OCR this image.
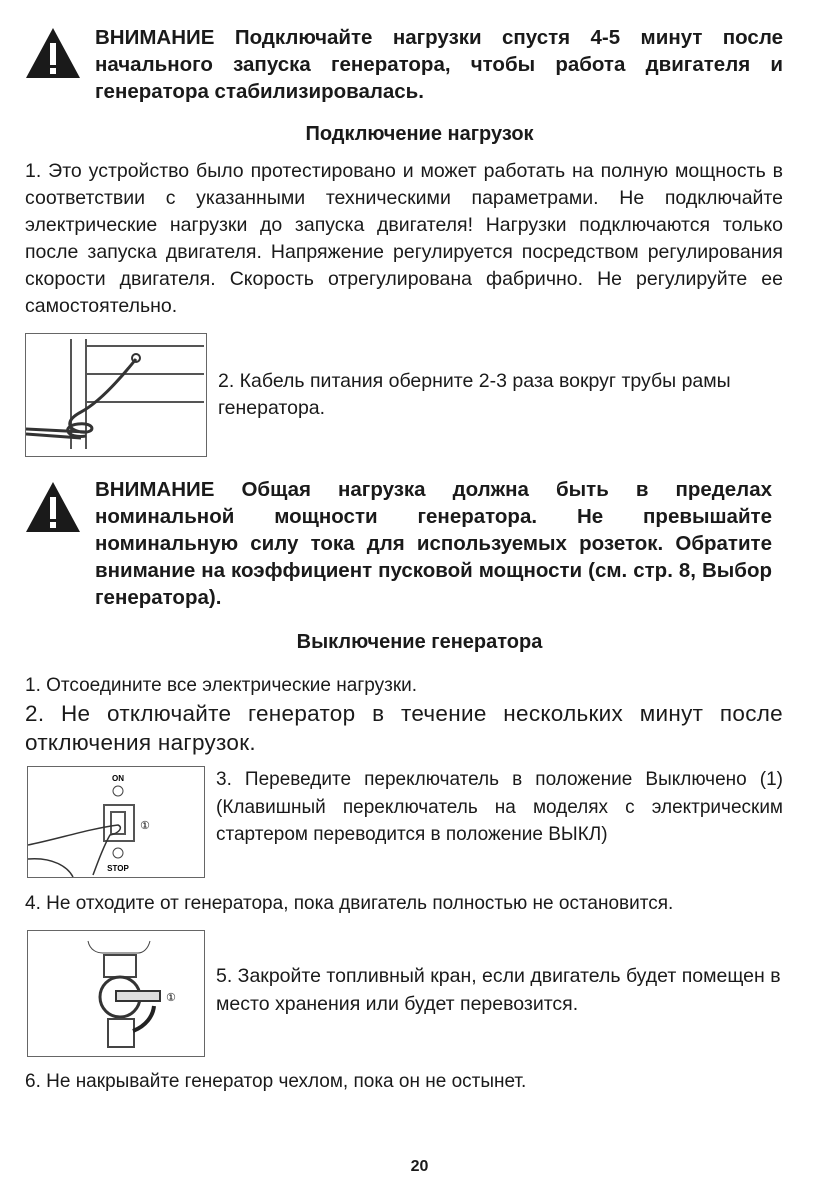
ВНИМАНИЕ Подключайте нагрузки спустя 4-5 минут после начального запуска генератора, чтобы работа двигателя и генератора стабилизировалась.
Подключение нагрузок
1. Это устройство было протестировано и может работать на полную мощность в соответствии с указанными техническими параметрами. Не подключайте электрические нагрузки до запуска двигателя! Нагрузки подключаются только после запуска двигателя. Напряжение регулируется посредством регулирования скорости двигателя. Скорость отрегулирована фабрично. Не регулируйте ее самостоятельно.
2. Кабель питания оберните 2-3 раза вокруг трубы рамы генератора.
ВНИМАНИЕ Общая нагрузка должна быть в пределах номинальной мощности генератора. Не превышайте номинальную силу тока для используемых розеток. Обратите внимание на коэффициент пусковой мощности (см. стр. 8, Выбор генератора).
Выключение генератора
1. Отсоедините все электрические нагрузки.
2. Не отключайте генератор в течение нескольких минут после отключения нагрузок.
ON
①
STOP
3. Переведите переключатель в положение Выключено (1) (Клавишный переключатель на моделях с электрическим стартером переводится в положение ВЫКЛ)
4. Не отходите от генератора, пока двигатель полностью не остановится.
①
5. Закройте топливный кран, если двигатель будет помещен в место хранения или будет перевозится.
6. Не накрывайте генератор чехлом, пока он не остынет.
20
